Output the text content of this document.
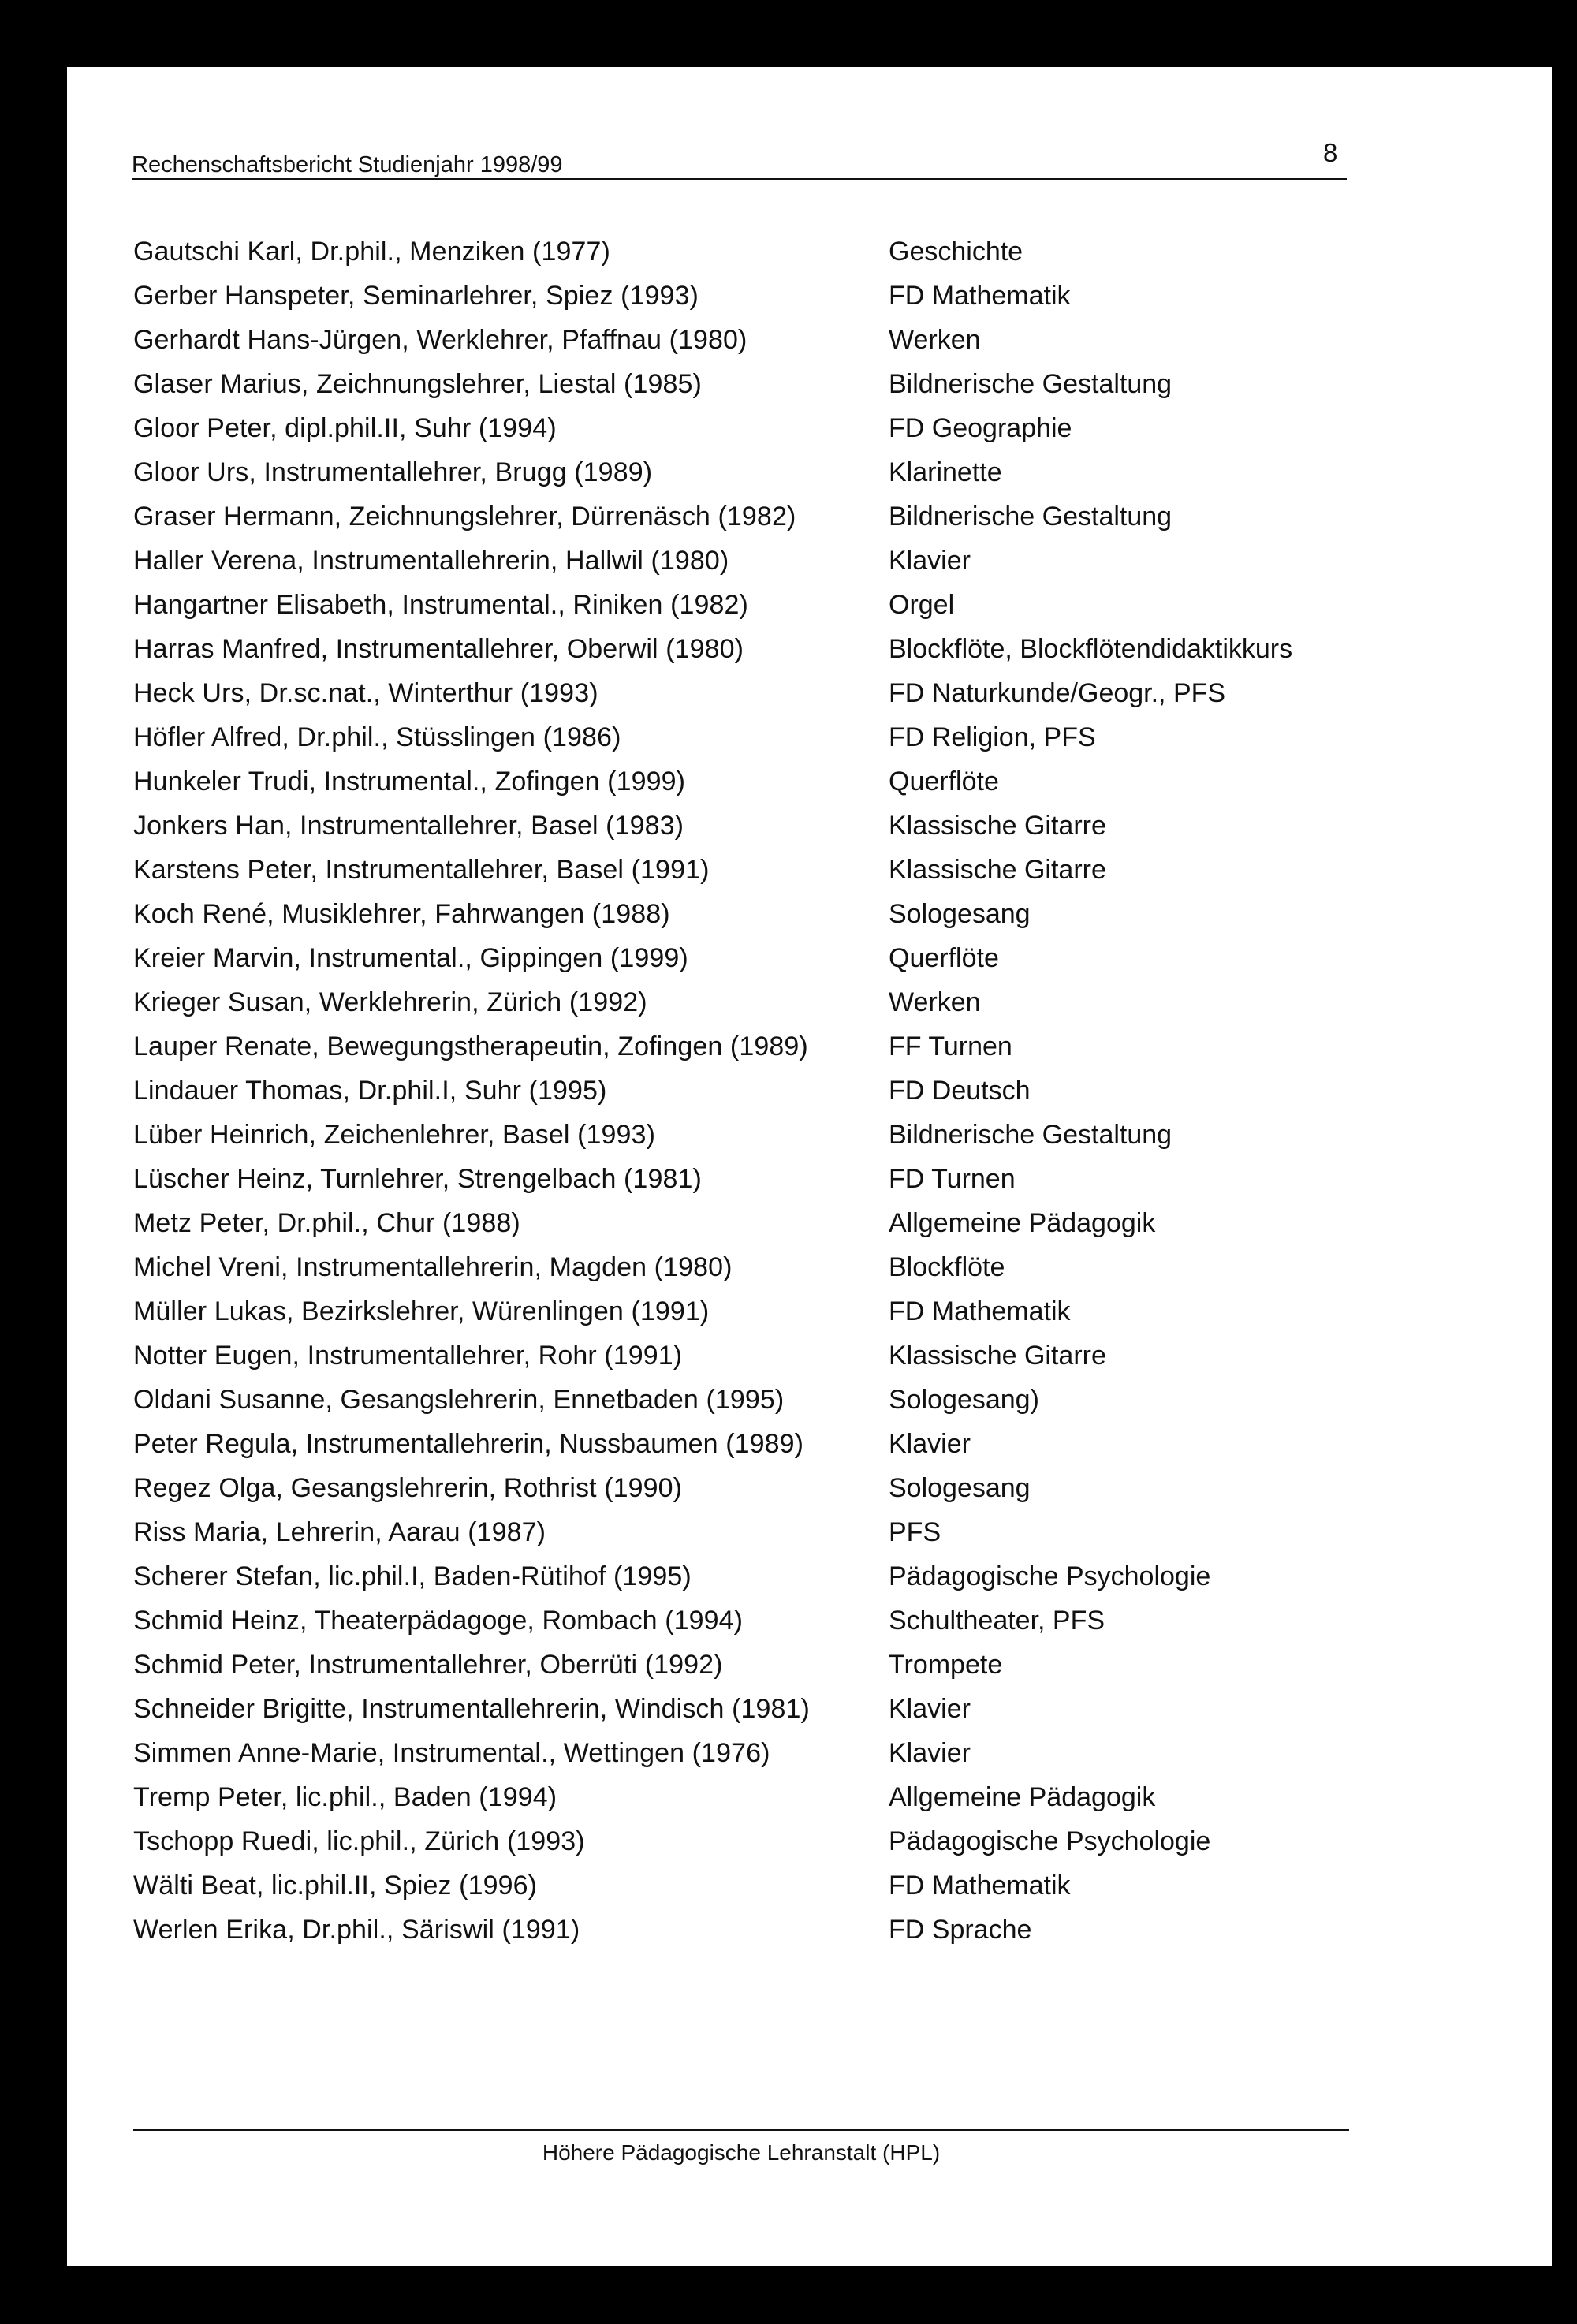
Rechenschaftsbericht Studienjahr 1998/99	8
Gautschi Karl, Dr.phil., Menziken (1977)	Geschichte
Gerber Hanspeter, Seminarlehrer, Spiez (1993)	FD Mathematik
Gerhardt Hans-Jürgen, Werklehrer, Pfaffnau (1980)	Werken
Glaser Marius, Zeichnungslehrer, Liestal (1985)	Bildnerische Gestaltung
Gloor Peter, dipl.phil.II, Suhr (1994)	FD Geographie
Gloor Urs, Instrumentallehrer, Brugg (1989)	Klarinette
Graser Hermann, Zeichnungslehrer, Dürrenäsch (1982)	Bildnerische Gestaltung
Haller Verena, Instrumentallehrerin, Hallwil (1980)	Klavier
Hangartner Elisabeth, Instrumental., Riniken (1982)	Orgel
Harras Manfred, Instrumentallehrer, Oberwil (1980)	Blockflöte, Blockflötendidaktikkurs
Heck Urs, Dr.sc.nat., Winterthur (1993)	FD Naturkunde/Geogr., PFS
Höfler Alfred, Dr.phil., Stüsslingen (1986)	FD Religion, PFS
Hunkeler Trudi, Instrumental., Zofingen (1999)	Querflöte
Jonkers Han, Instrumentallehrer, Basel (1983)	Klassische Gitarre
Karstens Peter, Instrumentallehrer, Basel (1991)	Klassische Gitarre
Koch René, Musiklehrer, Fahrwangen (1988)	Sologesang
Kreier Marvin, Instrumental., Gippingen (1999)	Querflöte
Krieger Susan, Werklehrerin, Zürich (1992)	Werken
Lauper Renate, Bewegungstherapeutin, Zofingen (1989)	FF Turnen
Lindauer Thomas, Dr.phil.I, Suhr (1995)	FD Deutsch
Lüber Heinrich, Zeichenlehrer, Basel (1993)	Bildnerische Gestaltung
Lüscher Heinz, Turnlehrer, Strengelbach (1981)	FD Turnen
Metz Peter, Dr.phil., Chur (1988)	Allgemeine Pädagogik
Michel Vreni, Instrumentallehrerin, Magden (1980)	Blockflöte
Müller Lukas, Bezirkslehrer, Würenlingen (1991)	FD Mathematik
Notter Eugen, Instrumentallehrer, Rohr (1991)	Klassische Gitarre
Oldani Susanne, Gesangslehrerin, Ennetbaden (1995)	Sologesang)
Peter Regula, Instrumentallehrerin, Nussbaumen (1989)	Klavier
Regez Olga, Gesangslehrerin, Rothrist (1990)	Sologesang
Riss Maria, Lehrerin, Aarau (1987)	PFS
Scherer Stefan, lic.phil.I, Baden-Rütihof (1995)	Pädagogische Psychologie
Schmid Heinz, Theaterpädagoge, Rombach (1994)	Schultheater, PFS
Schmid Peter, Instrumentallehrer, Oberrüti (1992)	Trompete
Schneider Brigitte, Instrumentallehrerin, Windisch (1981)	Klavier
Simmen Anne-Marie, Instrumental., Wettingen (1976)	Klavier
Tremp Peter, lic.phil., Baden (1994)	Allgemeine Pädagogik
Tschopp Ruedi, lic.phil., Zürich (1993)	Pädagogische Psychologie
Wälti Beat, lic.phil.II, Spiez (1996)	FD Mathematik
Werlen Erika, Dr.phil., Säriswil (1991)	FD Sprache
Höhere Pädagogische Lehranstalt (HPL)
